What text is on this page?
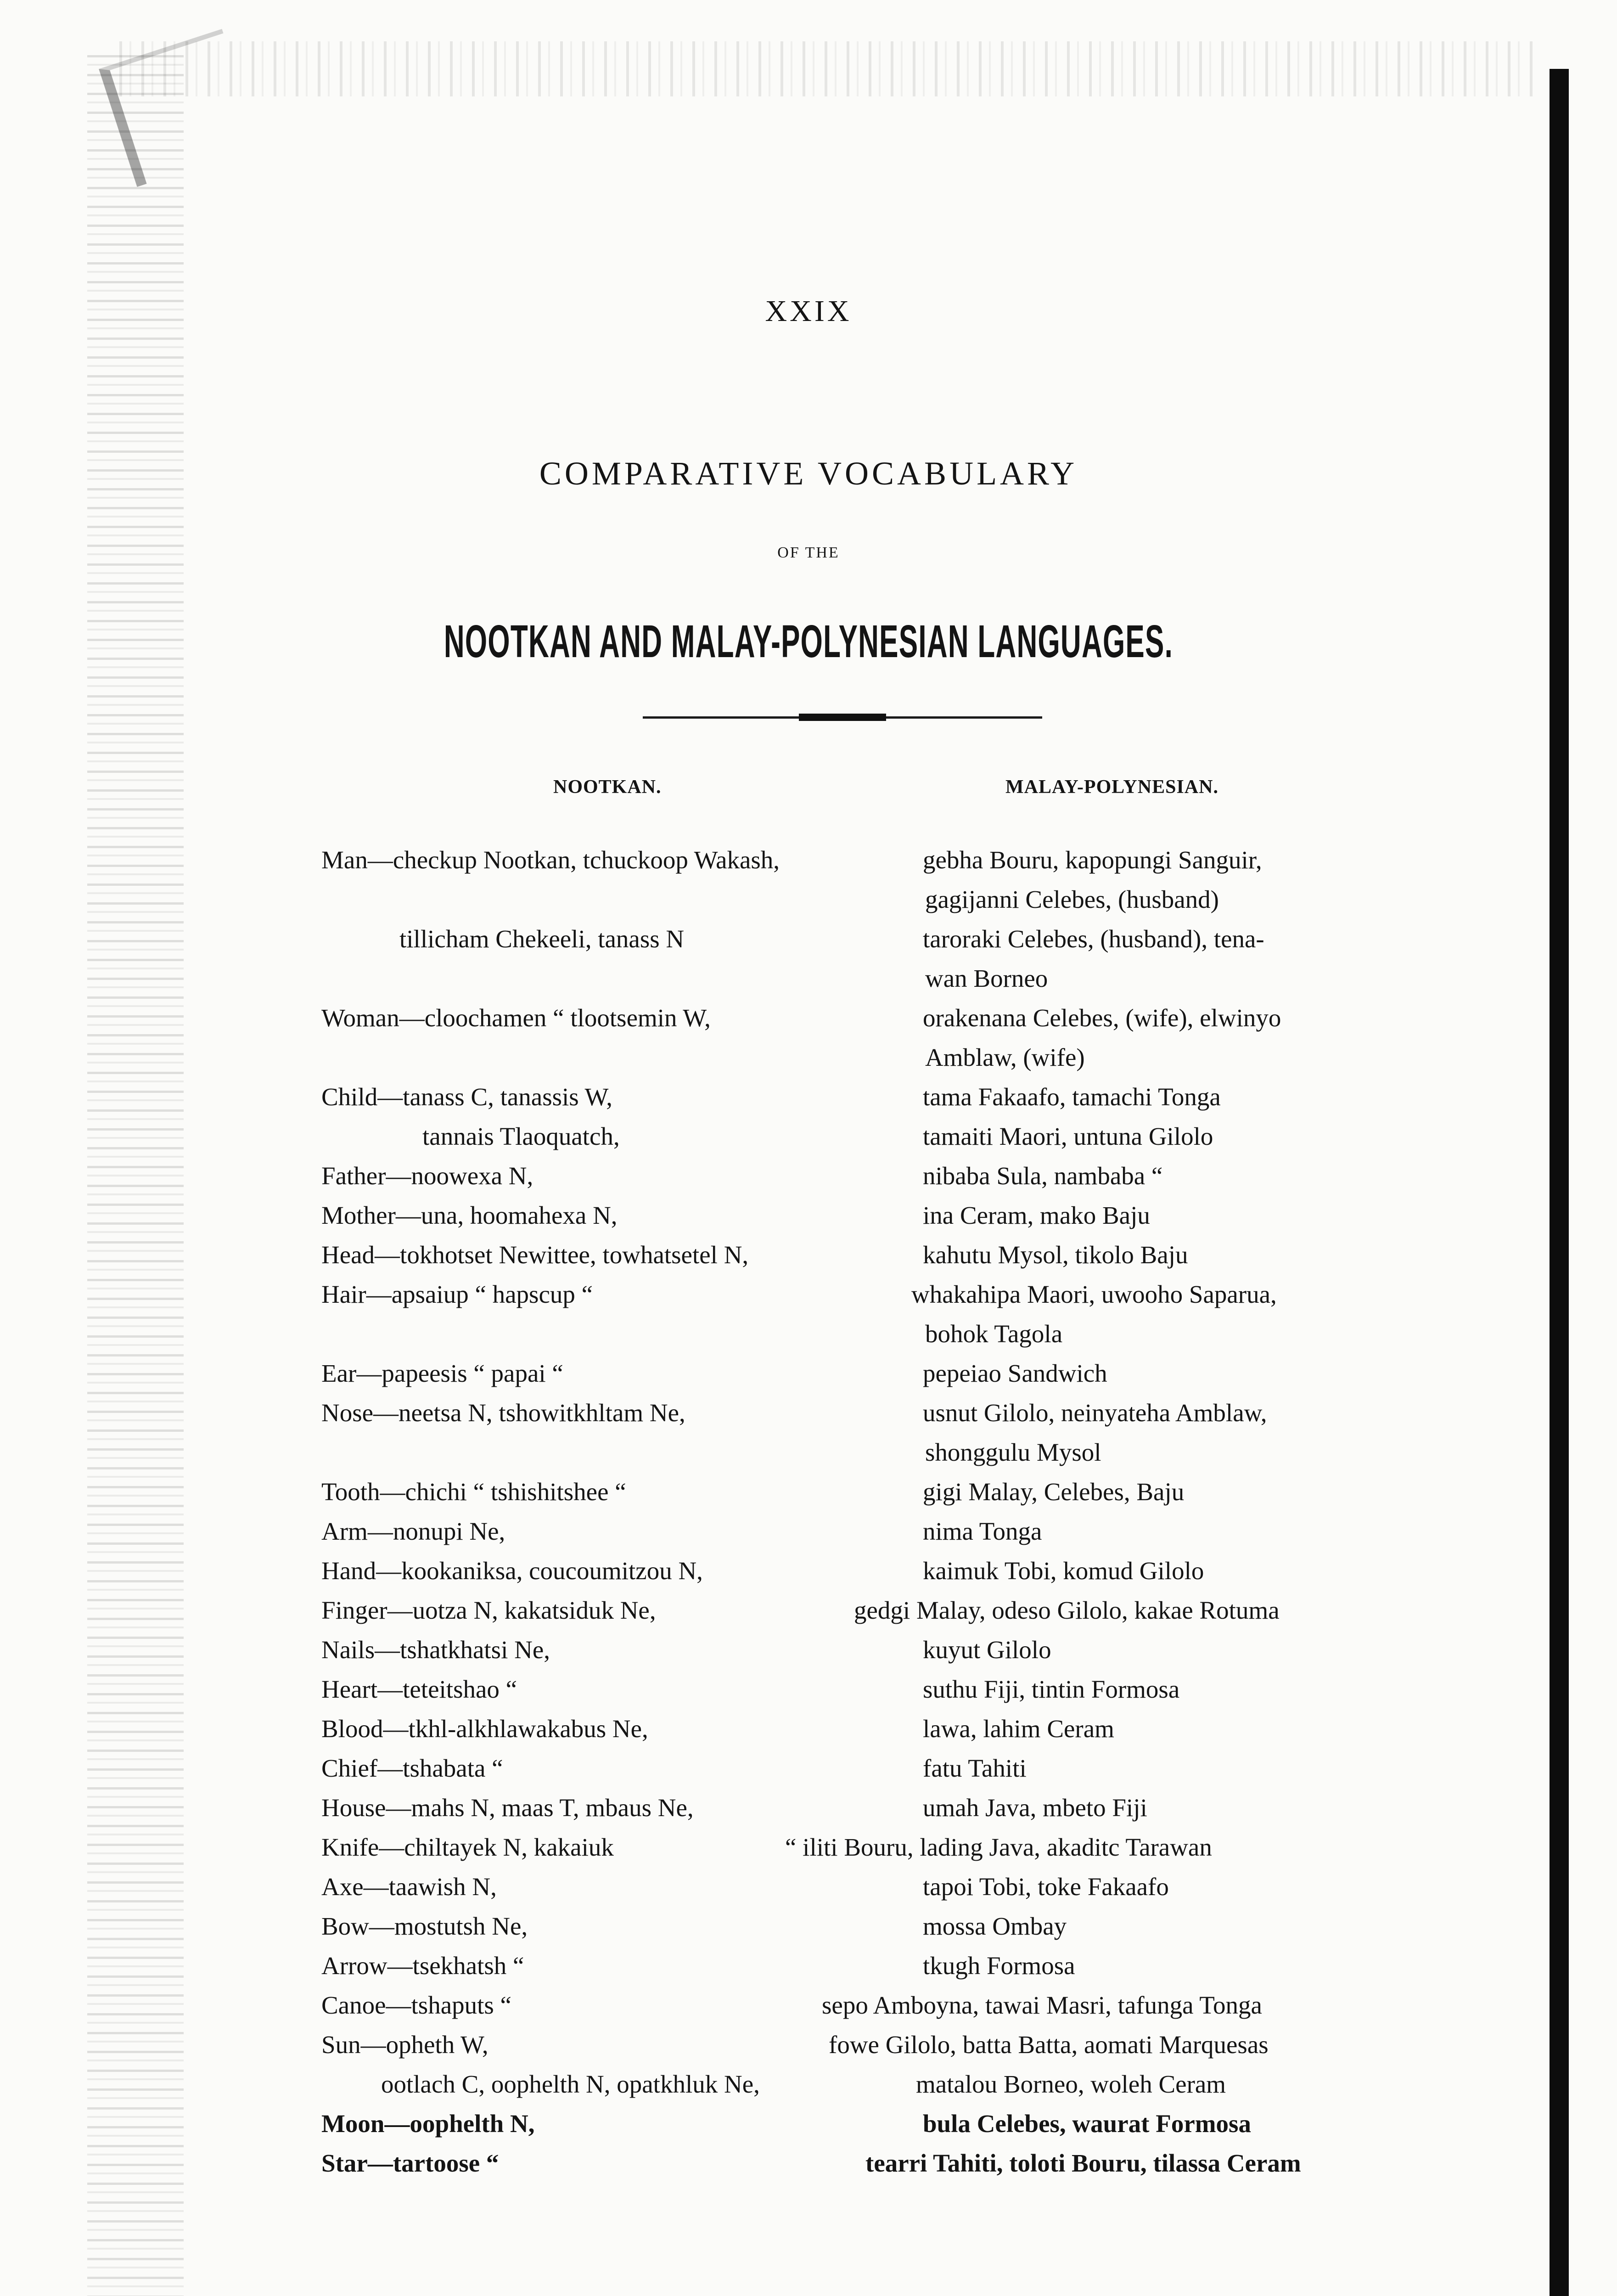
XXIX
COMPARATIVE VOCABULARY
OF THE
NOOTKAN AND MALAY-POLYNESIAN LANGUAGES.
NOOTKAN.	MALAY-POLYNESIAN.
Man—checkup Nootkan, tchuckoop Wakash,	gebha Bouru, kapopungi Sanguir,
gagijanni Celebes, (husband)
tillicham Chekeeli, tanass N	taroraki Celebes, (husband), tena-
wan Borneo
Woman—cloochamen “ tlootsemin W,	orakenana Celebes, (wife), elwinyo
Amblaw, (wife)
Child—tanass C, tanassis W,	tama Fakaafo, tamachi Tonga
tannais Tlaoquatch,	tamaiti Maori, untuna Gilolo
Father—noowexa N,	nibaba Sula, nambaba “
Mother—una, hoomahexa N,	ina Ceram, mako Baju
Head—tokhotset Newittee, towhatsetel N,	kahutu Mysol, tikolo Baju
Hair—apsaiup “ hapscup “	whakahipa Maori, uwooho Saparua,
bohok Tagola
Ear—papeesis “ papai “	pepeiao Sandwich
Nose—neetsa N, tshowitkhltam Ne,	usnut Gilolo, neinyateha Amblaw,
shonggulu Mysol
Tooth—chichi “ tshishitshee “	gigi Malay, Celebes, Baju
Arm—nonupi Ne,	nima Tonga
Hand—kookaniksa, coucoumitzou N,	kaimuk Tobi, komud Gilolo
Finger—uotza N, kakatsiduk Ne,	gedgi Malay, odeso Gilolo, kakae Rotuma
Nails—tshatkhatsi Ne,	kuyut Gilolo
Heart—teteitshao “	suthu Fiji, tintin Formosa
Blood—tkhl-alkhlawakabus Ne,	lawa, lahim Ceram
Chief—tshabata “	fatu Tahiti
House—mahs N, maas T, mbaus Ne,	umah Java, mbeto Fiji
Knife—chiltayek N, kakaiuk	“ iliti Bouru, lading Java, akaditc Tarawan
Axe—taawish N,	tapoi Tobi, toke Fakaafo
Bow—mostutsh Ne,	mossa Ombay
Arrow—tsekhatsh “	tkugh Formosa
Canoe—tshaputs “	sepo Amboyna, tawai Masri, tafunga Tonga
Sun—opheth W,	fowe Gilolo, batta Batta, aomati Marquesas
ootlach C, oophelth N, opatkhluk Ne,	matalou Borneo, woleh Ceram
Moon—oophelth N,	bula Celebes, waurat Formosa
Star—tartoose “	tearri Tahiti, toloti Bouru, tilassa Ceram
